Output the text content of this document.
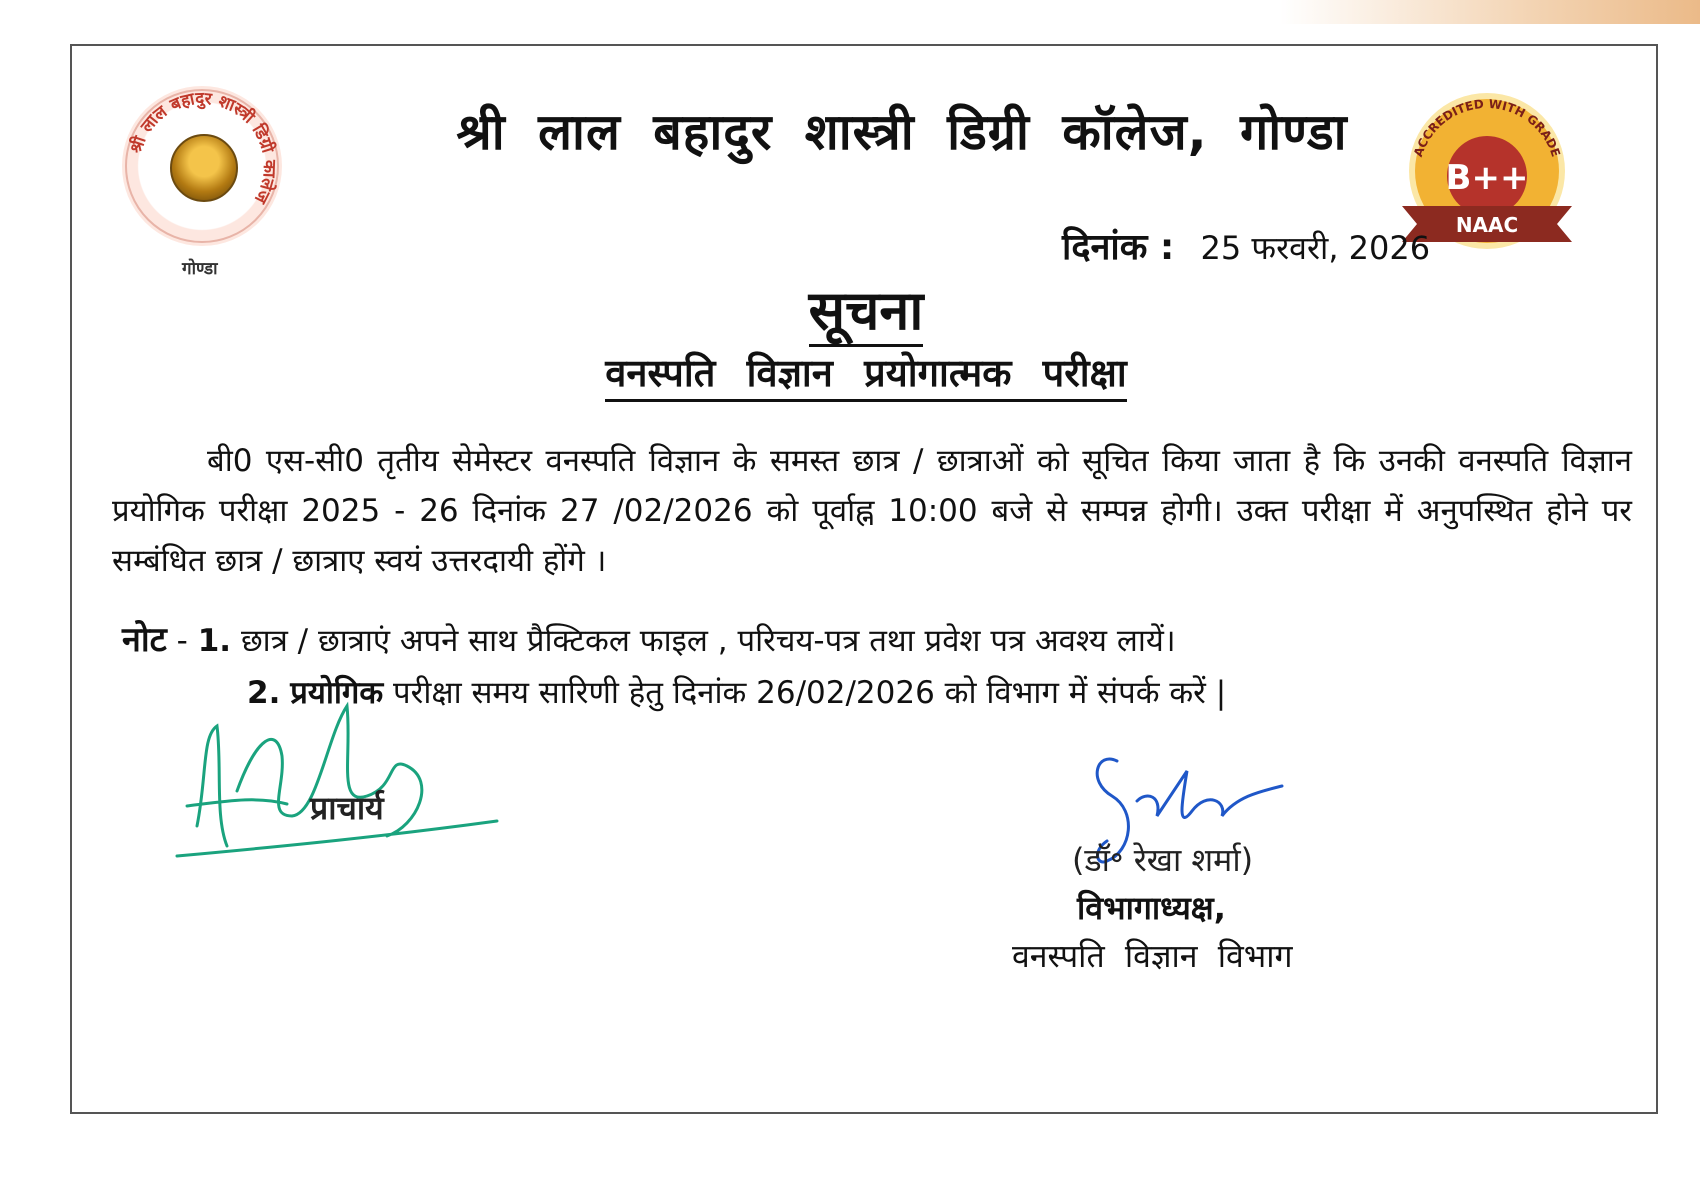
श्री लाल बहादुर शास्त्री डिग्री कालेज
गोण्डा
श्री लाल बहादुर शास्त्री डिग्री कॉलेज, गोण्डा	ACCREDITED WITH GRADE
B++
NAAC
दिनांक : 25 फरवरी, 2026
सूचना
वनस्पति विज्ञान प्रयोगात्मक परीक्षा
बी0 एस-सी0 तृतीय सेमेस्टर वनस्पति विज्ञान के समस्त छात्र / छात्राओं को सूचित किया जाता है कि उनकी वनस्पति विज्ञान प्रयोगिक परीक्षा 2025 - 26 दिनांक 27 /02/2026 को पूर्वाह्न 10:00 बजे से सम्पन्न होगी। उक्त परीक्षा में अनुपस्थित होने पर सम्बंधित छात्र / छात्राए स्वयं उत्तरदायी होंगे ।
नोट - 1. छात्र / छात्राएं अपने साथ प्रैक्टिकल फाइल , परिचय-पत्र तथा प्रवेश पत्र अवश्य लायें।
2. प्रयोगिक परीक्षा समय सारिणी हेतु दिनांक 26/02/2026 को विभाग में संपर्क करें |
प्राचार्य
(डॉ॰ रेखा शर्मा)
विभागाध्यक्ष,
वनस्पति विज्ञान विभाग
